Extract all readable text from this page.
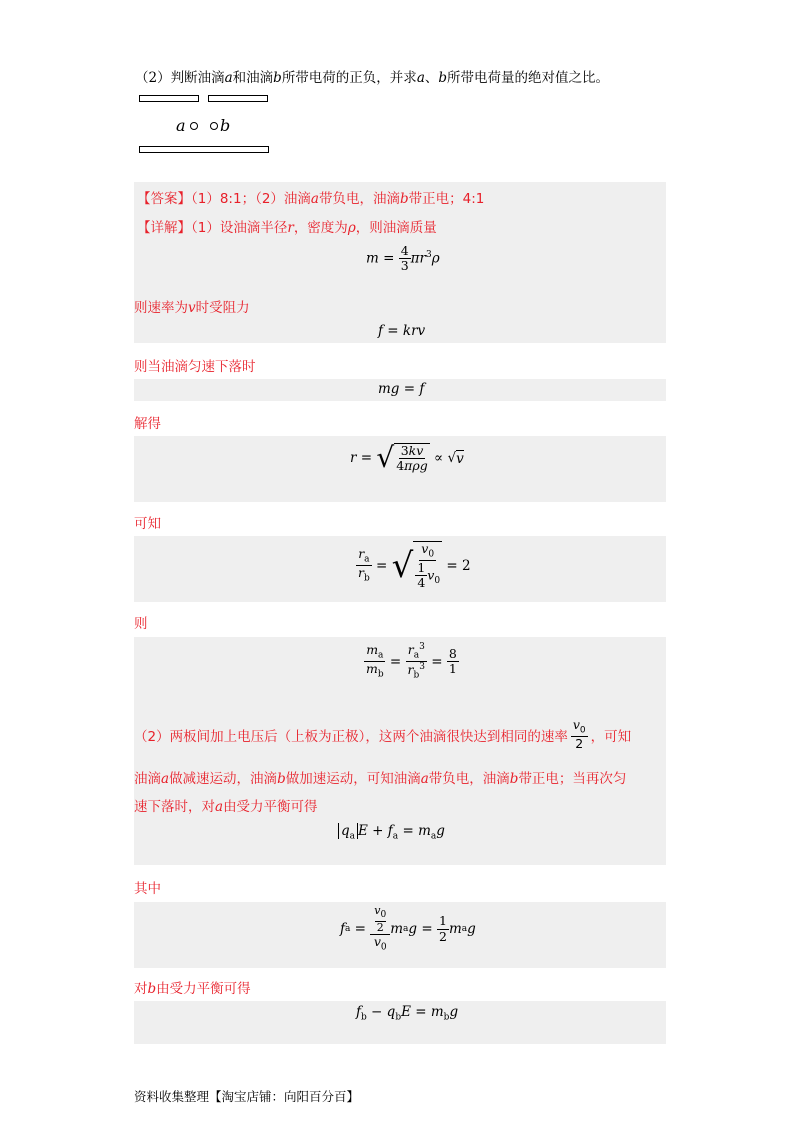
（2）判断油滴a和油滴b所带电荷的正负，并求a、b所带电荷量的绝对值之比。
a b
【答案】（1）8:1；（2）油滴a带负电，油滴b带正电；4:1
【详解】（1）设油滴半径r，密度为ρ，则油滴质量
$m = \frac{4}{3} \pi r^3\rho$
则速率为v时受阻力
f = krv
则当油滴匀速下落时
mg = f
解得
r = √ $\frac{3kv}{\text{4πρg}}$ ∝ √ v
可知
$\frac{r_a}{r_b}$ = √ $\frac{v_0}{\frac{1}{4} v_0} = 2$
则
$\frac{m_a}{m_b} = \frac{r_a^3}{r_b^3} = \frac{8}{1}$
（2）两板间加上电压后（上板为正极），这两个油滴很快达到相同的速率 $\frac{v_0}{2}$ ，可知
油滴a做减速运动，油滴b做加速运动，可知油滴a带负电，油滴b带正电；当再次匀
速下落时，对a由受力平衡可得
$q_a$ $E + f_a = m_ag$
其中
f $a = \frac{\frac{v_0}{2}}{v_0}$ m a $g = \frac{1}{2}$ m a g
对b由受力平衡可得
$f_b - q_bE = m_bg$
资料收集整理【淘宝店铺：向阳百分百】
